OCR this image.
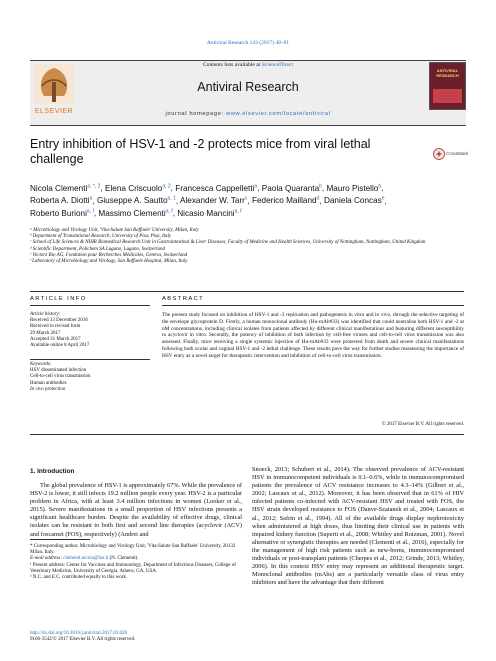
Antiviral Research 143 (2017) 48–61
Contents lists available at ScienceDirect
Antiviral Research
journal homepage: www.elsevier.com/locate/antiviral
ELSEVIER
ANTIVIRAL RESEARCH
Entry inhibition of HSV-1 and -2 protects mice from viral lethal challenge	CrossMark
Nicola Clementi$^{a, *, 2}$, Elena Criscuolo$^{a, 2}$, Francesca Cappelletti$^a$, Paola Quaranta$^b$, Mauro Pistello$^b$, Roberta A. Diotti$^a$, Giuseppe A. Sautto$^{a, 1}$, Alexander W. Tarr$^c$, Federico Mailland$^d$, Daniela Concas$^e$, Roberto Burioni$^{a, f}$, Massimo Clementi$^{a, f}$, Nicasio Mancini$^{a, f}$
ᵃ Microbiology and Virology Unit, 'Vita-Salute San Raffaele' University, Milan, Italy
ᵇ Department of Translational Research, University of Pisa, Pisa, Italy
ᶜ School of Life Sciences & NIHR Biomedical Research Unit in Gastrointestinal & Liver Diseases, Faculty of Medicine and Health Sciences, University of Nottingham, Nottingham, United Kingdom
ᵈ Scientific Department, Polichem SA Lugano, Lugano, Switzerland
ᵉ Vectorz Bio AG, Fondation pour Recherches Médicales, Geneva, Switzerland
ᶠ Laboratory of Microbiology and Virology, San Raffaele Hospital, Milan, Italy
ARTICLE INFO	ABSTRACT
Article history:
Received 13 December 2016
Received in revised form
29 March 2017
Accepted 31 March 2017
Available online 8 April 2017
Keywords:
HSV disseminated infection
Cell-to-cell virus transmission
Human antibodies
In vivo protection
The present study focused on inhibition of HSV-1 and -2 replication and pathogenesis in vitro and in vivo, through the selective targeting of the envelope glycoprotein D. Firstly, a human monoclonal antibody (Hu-mAb#33) was identified that could neutralise both HSV-1 and -2 at nM concentrations, including clinical isolates from patients affected by different clinical manifestations and featuring different susceptibility to acyclovir in vitro. Secondly, the potency of inhibition of both infection by cell-free viruses and cell-to-cell virus transmission was also assessed. Finally, mice receiving a single systemic injection of Hu-mAb#33 were protected from death and severe clinical manifestations following both ocular and vaginal HSV-1 and -2 lethal challenge. These results pave the way for further studies reassessing the importance of HSV entry as a novel target for therapeutic intervention and inhibition of cell-to-cell virus transmission.
© 2017 Elsevier B.V. All rights reserved.
1. Introduction
The global prevalence of HSV-1 is approximately 67%. While the prevalence of HSV-2 is lower, it still infects 19.2 million people every year. HSV-2 is a particular problem in Africa, with at least 3.4 million infections in women (Looker et al., 2015). Severe manifestations in a small proportion of HSV infections presents a significant healthcare burden. Despite the availability of effective drugs, clinical isolates can be resistant to both first and second line therapies (acyclovir (ACV) and foscarnet (FOS), respectively) (Andrei and
Snoeck, 2013; Schubert et al., 2014). The observed prevalence of ACV-resistant HSV in immunocompetent individuals is 0.1–0.6%, while in immunocompromised patients the prevalence of ACV resistance increases to 4.3–14% (Gilbert et al., 2002; Lascaux et al., 2012). Moreover, it has been observed that in 61% of HIV infected patients co-infected with ACV-resistant HSV and treated with FOS, the HSV strain developed resistance to FOS (Danve-Szatanek et al., 2004; Lascaux et al., 2012; Safrin et al., 1994). All of the available drugs display nephrotoxicity when administered at high doses, thus limiting their clinical use in patients with impaired kidney function (Superti et al., 2008; Whitley and Roizman, 2001). Novel alternative or synergistic therapies are needed (Clementi et al., 2016), especially for the management of high risk patients such as new-borns, immunocompromised individuals or post-transplant patients (Cherpes et al., 2012; Grinde, 2013; Whitley, 2006). In this context HSV entry may represent an additional therapeutic target. Monoclonal antibodies (mAbs) are a particularly versatile class of virus entry inhibitors and have the advantage that their different
* Corresponding author. Microbiology and Virology Unit, 'Vita-Salute San Raffaele' University, 20132 Milan, Italy.
E-mail address: clementi.nicola@hsr.it (N. Clementi).
¹ Present address: Center for Vaccines and Immunology, Department of Infectious Diseases, College of Veterinary Medicine, University of Georgia, Athens, GA, USA.
² N.C. and E.C. contributed equally to this work.
http://dx.doi.org/10.1016/j.antiviral.2017.03.028
0166-3542/© 2017 Elsevier B.V. All rights reserved.
